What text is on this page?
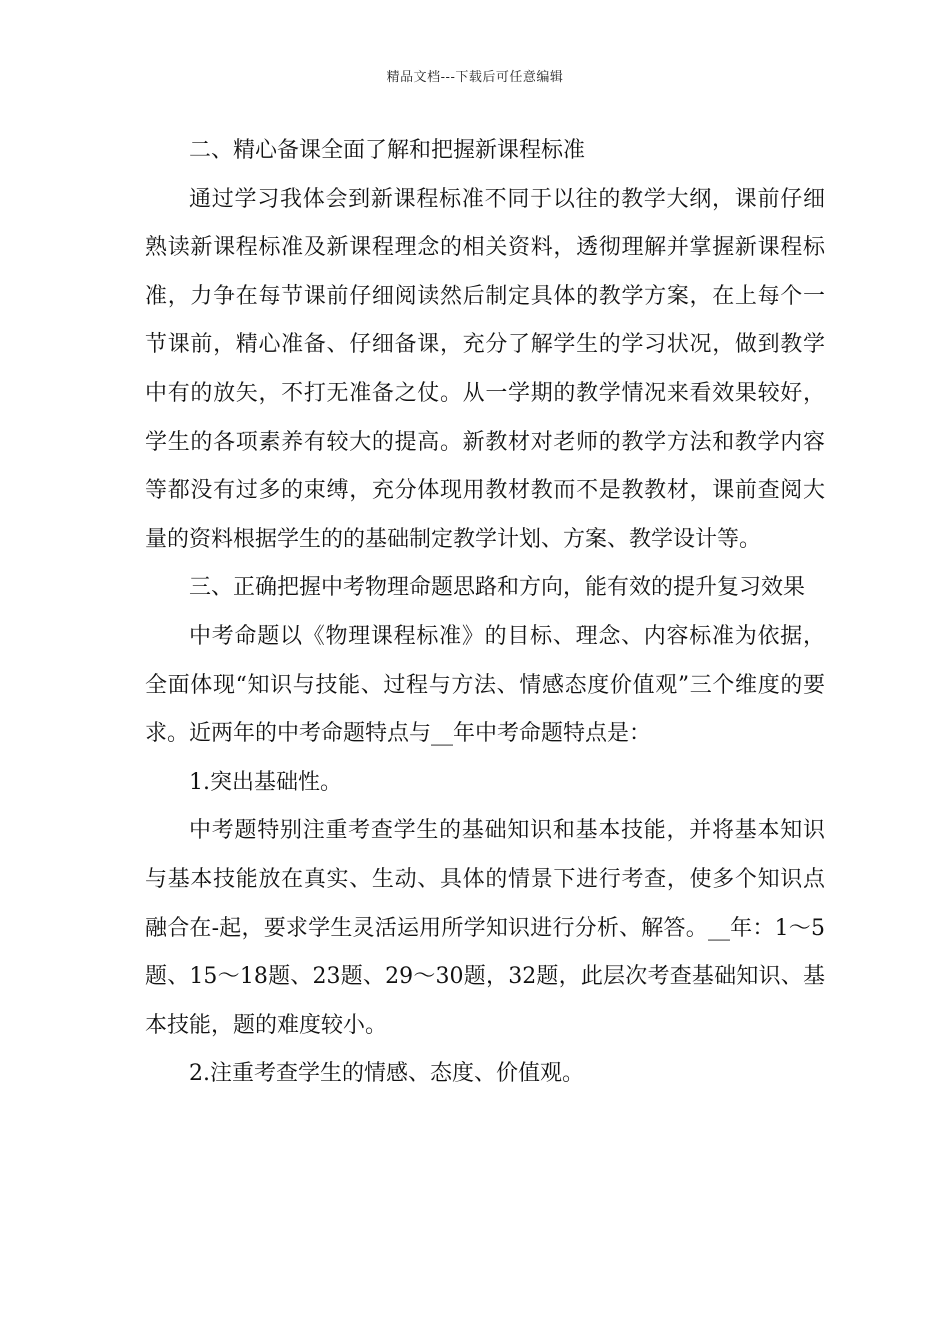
精品文档---下载后可任意编辑

二、精心备课全面了解和把握新课程标准

通过学习我体会到新课程标准不同于以往的教学大纲，课前仔细熟读新课程标准及新课程理念的相关资料，透彻理解并掌握新课程标准，力争在每节课前仔细阅读然后制定具体的教学方案，在上每个一节课前，精心准备、仔细备课，充分了解学生的学习状况，做到教学中有的放矢，不打无准备之仗。从一学期的教学情况来看效果较好，学生的各项素养有较大的提高。新教材对老师的教学方法和教学内容等都没有过多的束缚，充分体现用教材教而不是教教材，课前查阅大量的资料根据学生的的基础制定教学计划、方案、教学设计等。

三、正确把握中考物理命题思路和方向，能有效的提升复习效果

中考命题以《物理课程标准》的目标、理念、内容标准为依据，全面体现“知识与技能、过程与方法、情感态度价值观”三个维度的要求。近两年的中考命题特点与__年中考命题特点是：

1.突出基础性。

中考题特别注重考查学生的基础知识和基本技能，并将基本知识与基本技能放在真实、生动、具体的情景下进行考查，使多个知识点融合在-起，要求学生灵活运用所学知识进行分析、解答。__年：1～5题、15～18题、23题、29～30题，32题，此层次考查基础知识、基本技能，题的难度较小。

2.注重考查学生的情感、态度、价值观。
